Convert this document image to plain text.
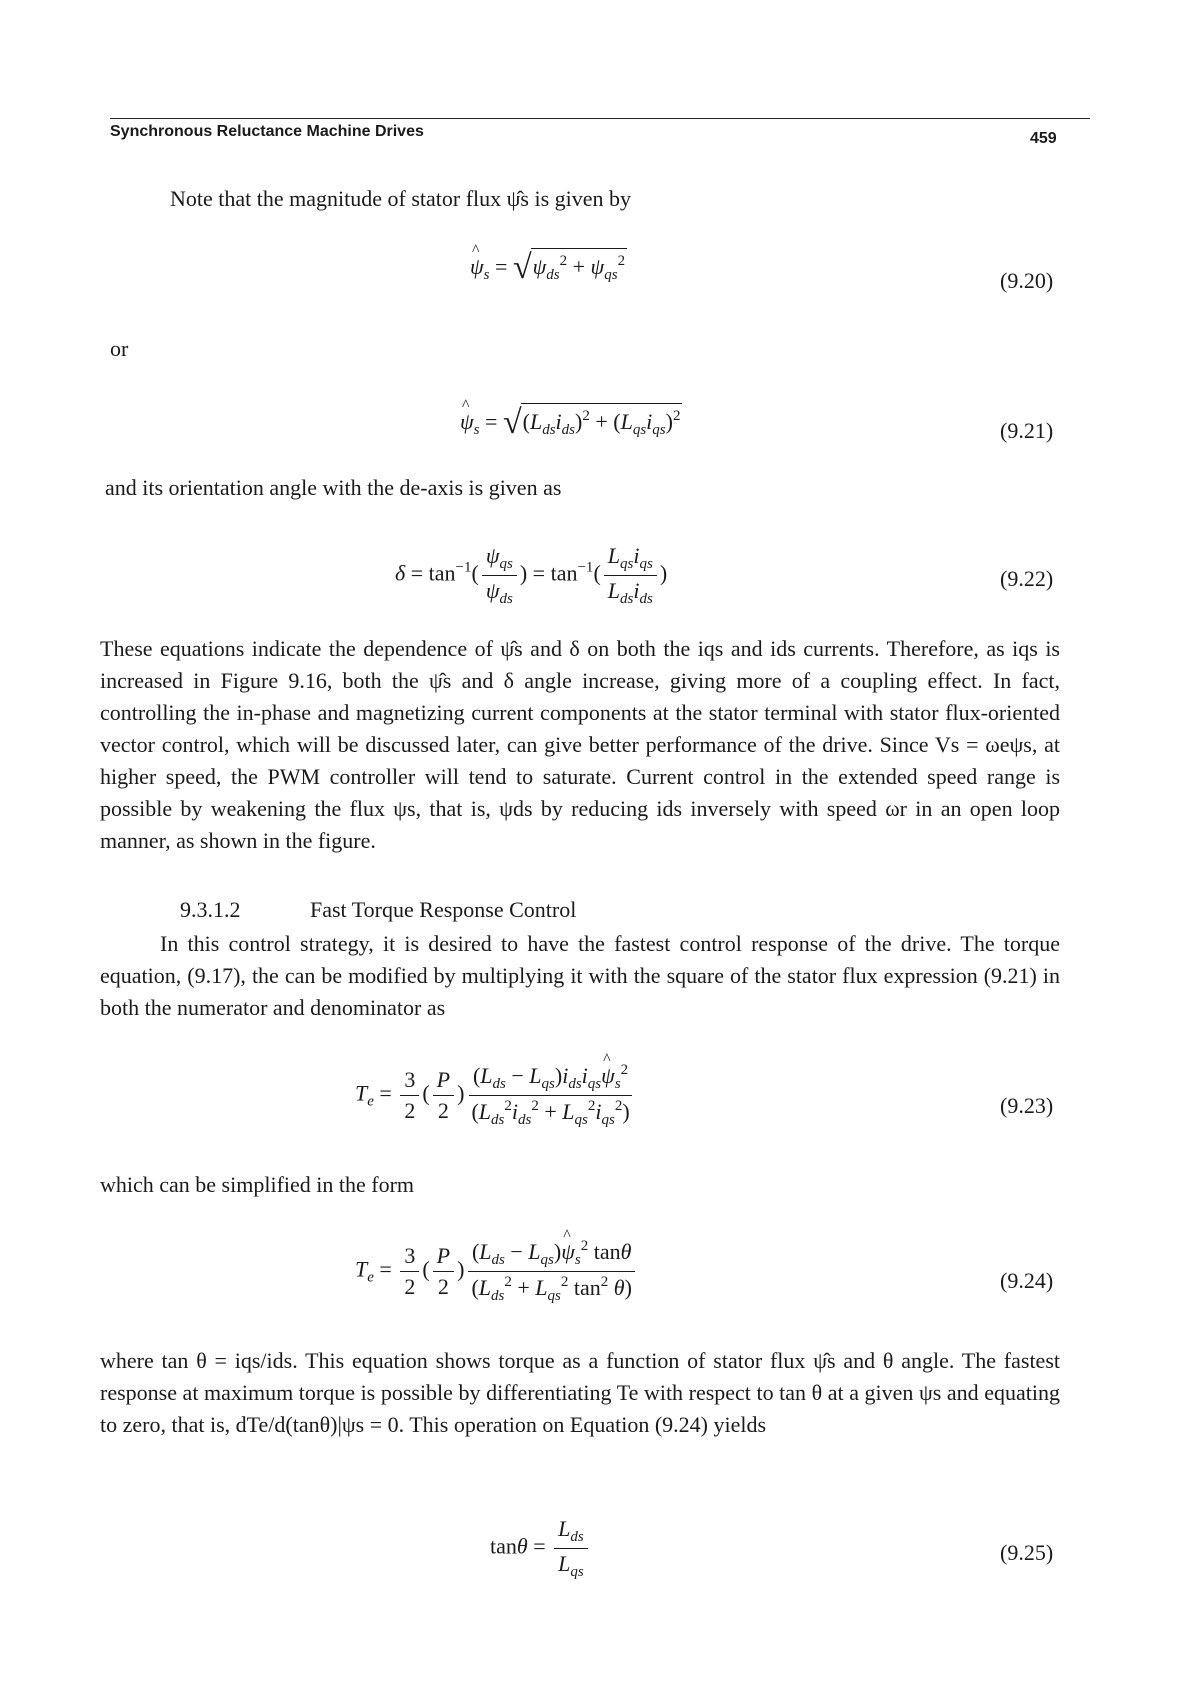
Synchronous Reluctance Machine Drives	459
Note that the magnitude of stator flux ψ̂s is given by
^ $\psi_s = √\psi_{ds}^2 + \psi_{qs}^2$
(9.20)
or
^ $\psi_s = √(L_{ds}i_{ds})^2 + (L_{qs}i_{qs})^2$
(9.21)
and its orientation angle with the de-axis is given as
$\delta = \tan^{-1}( \frac{\psi_{qs}}{\psi_{ds}}$ ) = $\tan^{-1}( \frac{L_{qs}i_{qs}}{L_{ds}i_{ds}}$ )	(9.22)
These equations indicate the dependence of ψ̂s and δ on both the iqs and ids currents. Therefore, as iqs is increased in Figure 9.16, both the ψ̂s and δ angle increase, giving more of a coupling effect. In fact, controlling the in-phase and magnetizing current components at the stator terminal with stator flux-oriented vector control, which will be discussed later, can give better performance of the drive. Since Vs = ωeψs, at higher speed, the PWM controller will tend to saturate. Current control in the extended speed range is possible by weakening the flux ψs, that is, ψds by reducing ids inversely with speed ωr in an open loop manner, as shown in the figure.
9.3.1.2	Fast Torque Response Control
In this control strategy, it is desired to have the fastest control response of the drive. The torque equation, (9.17), the can be modified by multiplying it with the square of the stator flux expression (9.21) in both the numerator and denominator as
$T_e = \frac{3}{2}$ ( $\frac{P}{2}$ ) $\frac{(L_{ds} - L_{qs})i_{ds}i_{qs}\^{} \psi_s^2}{(L_{ds}^2i_{ds}^2 + L_{qs}^2i_{qs}^2)}$	(9.23)
which can be simplified in the form
$T_e = \frac{3}{2}$ ( $\frac{P}{2}$ ) $\frac{(L_{ds} - L_{qs})\^{} \psi_s^2 \tan\theta}{(L_{ds}^2 + L_{qs}^2 \tan^2 \theta)}$	(9.24)
where tan θ = iqs/ids. This equation shows torque as a function of stator flux ψ̂s and θ angle. The fastest response at maximum torque is possible by differentiating Te with respect to tan θ at a given ψs and equating to zero, that is, dTe/d(tanθ)|ψs = 0. This operation on Equation (9.24) yields
$\tan\theta = \frac{L_{ds}}{L_{qs}}$	(9.25)
